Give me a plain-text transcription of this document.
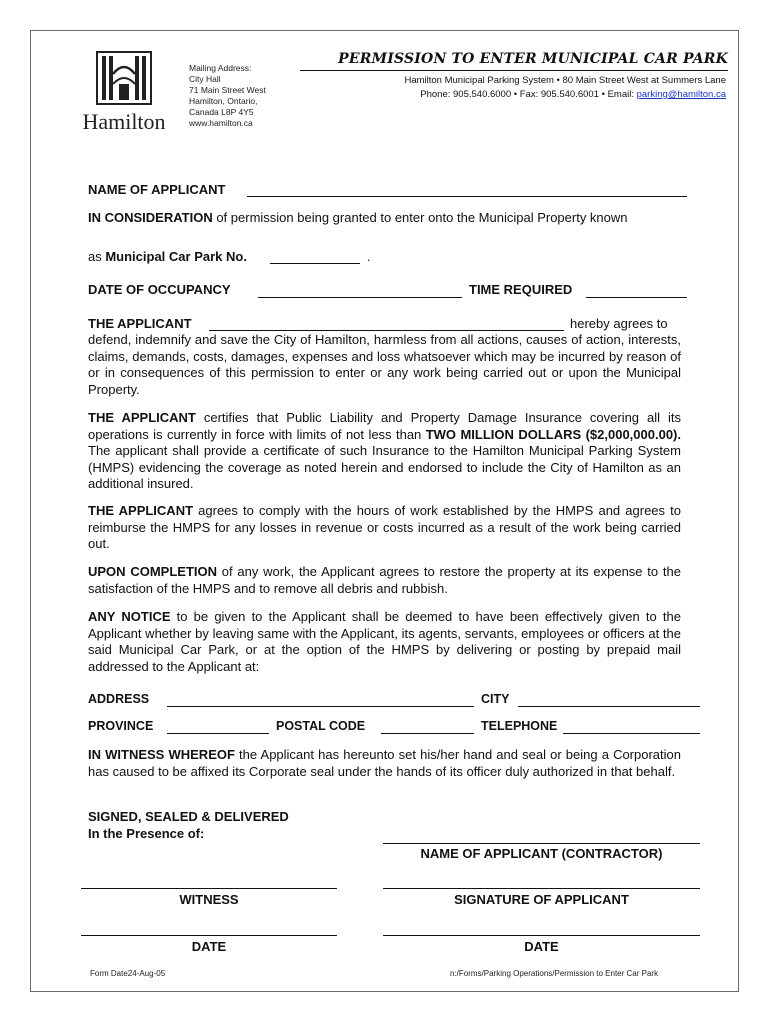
Hamilton
Mailing Address:
City Hall
71 Main Street West
Hamilton, Ontario,
Canada L8P 4Y5
www.hamilton.ca
PERMISSION TO ENTER MUNICIPAL CAR PARK
Hamilton Municipal Parking System • 80 Main Street West at Summers Lane
Phone: 905.540.6000 • Fax: 905.540.6001 • Email: parking@hamilton.ca
NAME OF APPLICANT
IN CONSIDERATION of permission being granted to enter onto the Municipal Property known
as Municipal Car Park No.	.
DATE OF OCCUPANCY	TIME REQUIRED
THE APPLICANT	hereby agrees to
defend, indemnify and save the City of Hamilton, harmless from all actions, causes of action, interests, claims, demands, costs, damages, expenses and loss whatsoever which may be incurred by reason of or in consequences of this permission to enter or any work being carried out or upon the Municipal Property.
THE APPLICANT certifies that Public Liability and Property Damage Insurance covering all its operations is currently in force with limits of not less than TWO MILLION DOLLARS ($2,000,000.00). The applicant shall provide a certificate of such Insurance to the Hamilton Municipal Parking System (HMPS) evidencing the coverage as noted herein and endorsed to include the City of Hamilton as an additional insured.
THE APPLICANT agrees to comply with the hours of work established by the HMPS and agrees to reimburse the HMPS for any losses in revenue or costs incurred as a result of the work being carried out.
UPON COMPLETION of any work, the Applicant agrees to restore the property at its expense to the satisfaction of the HMPS and to remove all debris and rubbish.
ANY NOTICE to be given to the Applicant shall be deemed to have been effectively given to the Applicant whether by leaving same with the Applicant, its agents, servants, employees or officers at the said Municipal Car Park, or at the option of the HMPS by delivering or posting by prepaid mail addressed to the Applicant at:
ADDRESS	CITY
PROVINCE	POSTAL CODE	TELEPHONE
IN WITNESS WHEREOF the Applicant has hereunto set his/her hand and seal or being a Corporation has caused to be affixed its Corporate seal under the hands of its officer duly authorized in that behalf.
SIGNED, SEALED & DELIVERED
In the Presence of:
NAME OF APPLICANT (CONTRACTOR)
WITNESS	SIGNATURE OF APPLICANT
DATE	DATE
Form Date24-Aug-05	n:/Forms/Parking Operations/Permission to Enter Car Park
